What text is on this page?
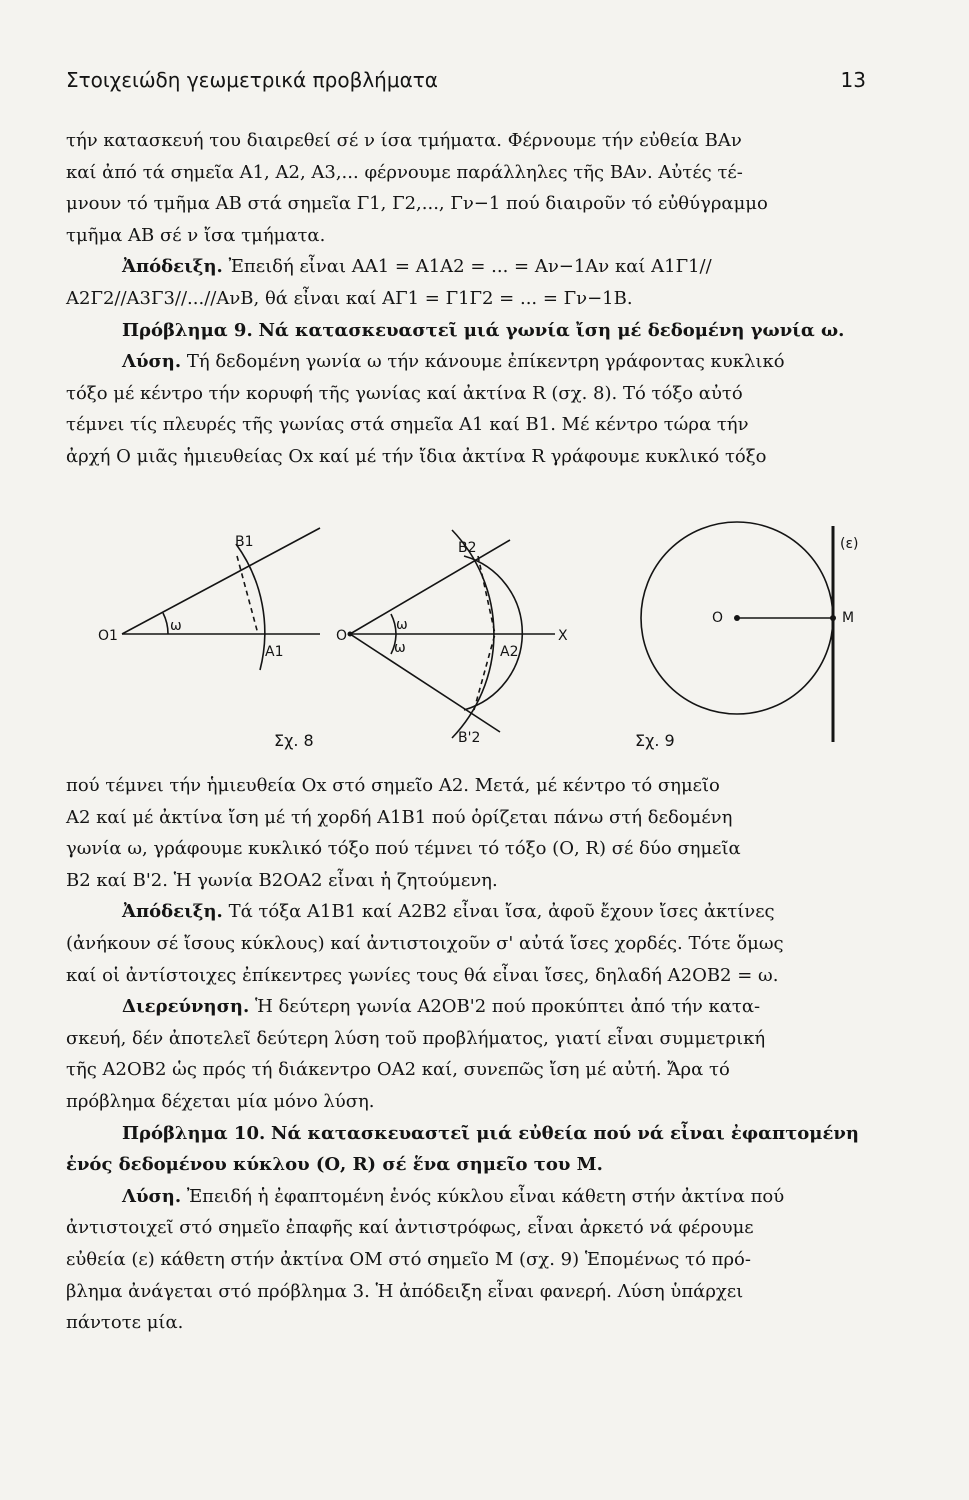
Στοιχειώδη γεωμετρικά προβλήματα	13

τήν κατασκευή του διαιρεθεί σέ ν ίσα τμήματα. Φέρνουμε τήν εὐθεία ΒΑν

καί ἀπό τά σημεῖα Α1, Α2, Α3,... φέρνουμε παράλληλες τῆς ΒΑν. Αὐτές τέ-

μνουν τό τμῆμα ΑΒ στά σημεῖα Γ1, Γ2,..., Γν−1 πού διαιροῦν τό εὐθύγραμμο

τμῆμα ΑΒ σέ ν ἴσα τμήματα.

Ἀπόδειξη. Ἐπειδή εἶναι ΑΑ1 = Α1Α2 = ... = Αν−1Αν καί Α1Γ1//

Α2Γ2//Α3Γ3//...//ΑνΒ, θά εἶναι καί ΑΓ1 = Γ1Γ2 = ... = Γν−1Β.

Πρόβλημα 9. Νά κατασκευαστεῖ μιά γωνία ἴση μέ δεδομένη γωνία ω.

Λύση. Τή δεδομένη γωνία ω τήν κάνουμε ἐπίκεντρη γράφοντας κυκλικό

τόξο μέ κέντρο τήν κορυφή τῆς γωνίας καί ἀκτίνα R (σχ. 8). Τό τόξο αὐτό

τέμνει τίς πλευρές τῆς γωνίας στά σημεῖα Α1 καί Β1. Μέ κέντρο τώρα τήν

ἀρχή Ο μιᾶς ἡμιευθείας Οx καί μέ τήν ἴδια ἀκτίνα R γράφουμε κυκλικό τόξο

O1
ω
B1
A1
O
ω
ω
B2
A2
X
B'2
O	M
(ε)
Σχ. 8	Σχ. 9

πού τέμνει τήν ἡμιευθεία Οx στό σημεῖο Α2. Μετά, μέ κέντρο τό σημεῖο

Α2 καί μέ ἀκτίνα ἴση μέ τή χορδή Α1Β1 πού ὁρίζεται πάνω στή δεδομένη

γωνία ω, γράφουμε κυκλικό τόξο πού τέμνει τό τόξο (Ο, R) σέ δύο σημεῖα

Β2 καί Β'2. Ἡ γωνία Β2ΟΑ2 εἶναι ἡ ζητούμενη.

Ἀπόδειξη. Τά τόξα Α1Β1 καί Α2Β2 εἶναι ἴσα, ἀφοῦ ἔχουν ἴσες ἀκτίνες

(ἀνήκουν σέ ἴσους κύκλους) καί ἀντιστοιχοῦν σ' αὐτά ἴσες χορδές. Τότε ὅμως

καί οἱ ἀντίστοιχες ἐπίκεντρες γωνίες τους θά εἶναι ἴσες, δηλαδή Α2ΟΒ2 = ω.

Διερεύνηση. Ἡ δεύτερη γωνία Α2ΟΒ'2 πού προκύπτει ἀπό τήν κατα-

σκευή, δέν ἀποτελεῖ δεύτερη λύση τοῦ προβλήματος, γιατί εἶναι συμμετρική

τῆς Α2ΟΒ2 ὡς πρός τή διάκεντρο ΟΑ2 καί, συνεπῶς ἴση μέ αὐτή. Ἄρα τό

πρόβλημα δέχεται μία μόνο λύση.

Πρόβλημα 10. Νά κατασκευαστεῖ μιά εὐθεία πού νά εἶναι ἐφαπτομένη

ἑνός δεδομένου κύκλου (Ο, R) σέ ἕνα σημεῖο του Μ.

Λύση. Ἐπειδή ἡ ἐφαπτομένη ἑνός κύκλου εἶναι κάθετη στήν ἀκτίνα πού

ἀντιστοιχεῖ στό σημεῖο ἐπαφῆς καί ἀντιστρόφως, εἶναι ἀρκετό νά φέρουμε

εὐθεία (ε) κάθετη στήν ἀκτίνα ΟΜ στό σημεῖο Μ (σχ. 9) Ἑπομένως τό πρό-

βλημα ἀνάγεται στό πρόβλημα 3. Ἡ ἀπόδειξη εἶναι φανερή. Λύση ὑπάρχει

πάντοτε μία.
